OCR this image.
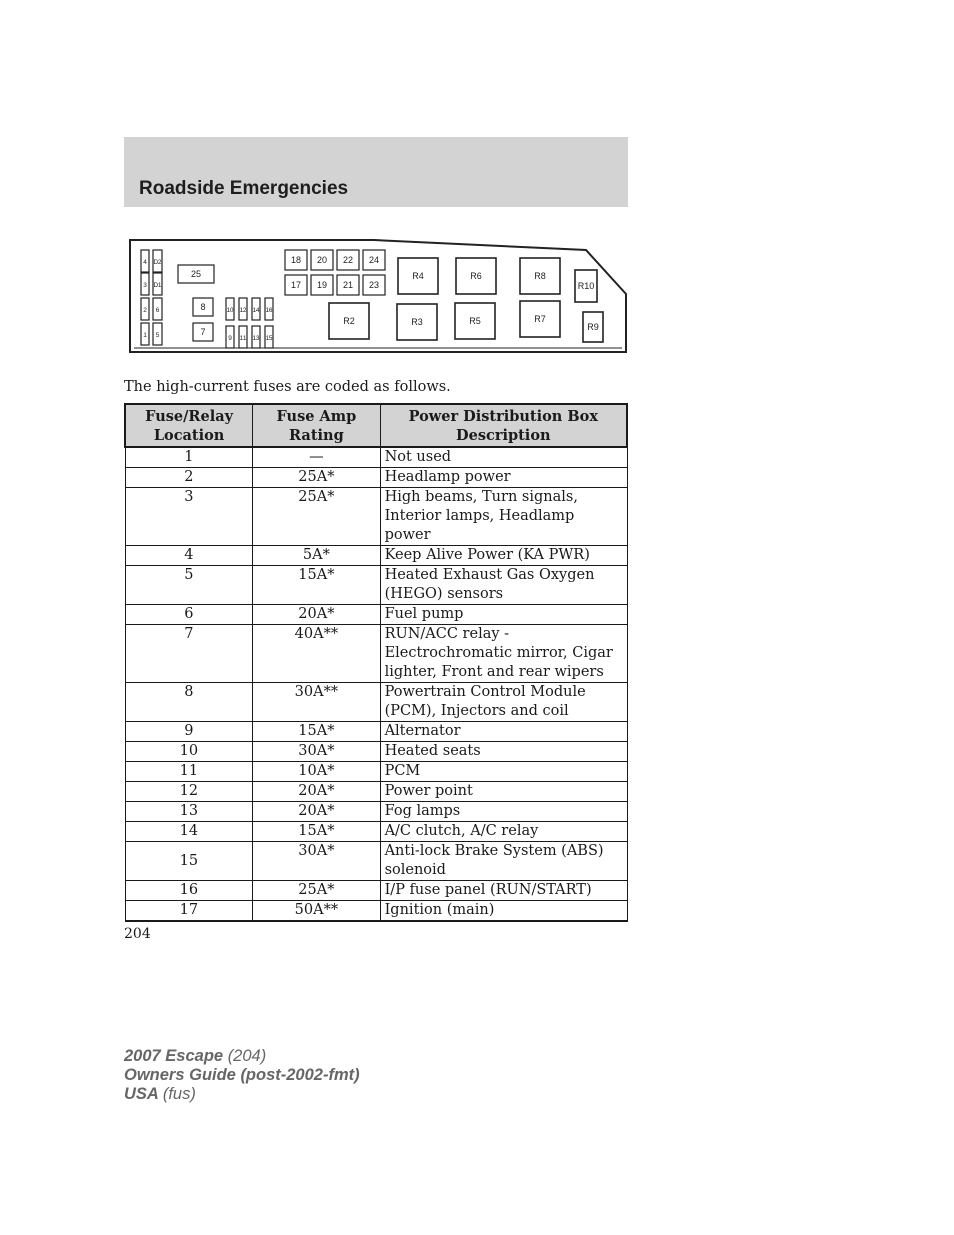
Roadside Emergencies
4 D2
3 D1
2 6
1 5
25
8
7
10 12 14 16
9 11 13 15
18 20 22 24
17 19 21 23
R4	R6	R8
R10
R2	R3	R5	R7
R9
The high-current fuses are coded as follows.
Fuse/Relay Location	Fuse Amp Rating	Power Distribution Box Description
1	—	Not used
2	25A*	Headlamp power
3	25A*	High beams, Turn signals, Interior lamps, Headlamp power
4	5A*	Keep Alive Power (KA PWR)
5	15A*	Heated Exhaust Gas Oxygen (HEGO) sensors
6	20A*	Fuel pump
7	40A**	RUN/ACC relay - Electrochromatic mirror, Cigar lighter, Front and rear wipers
8	30A**	Powertrain Control Module (PCM), Injectors and coil
9	15A*	Alternator
10	30A*	Heated seats
11	10A*	PCM
12	20A*	Power point
13	20A*	Fog lamps
14	15A*	A/C clutch, A/C relay
15	30A*	Anti-lock Brake System (ABS) solenoid
16	25A*	I/P fuse panel (RUN/START)
17	50A**	Ignition (main)
204
2007 Escape (204)
Owners Guide (post-2002-fmt)
USA (fus)
